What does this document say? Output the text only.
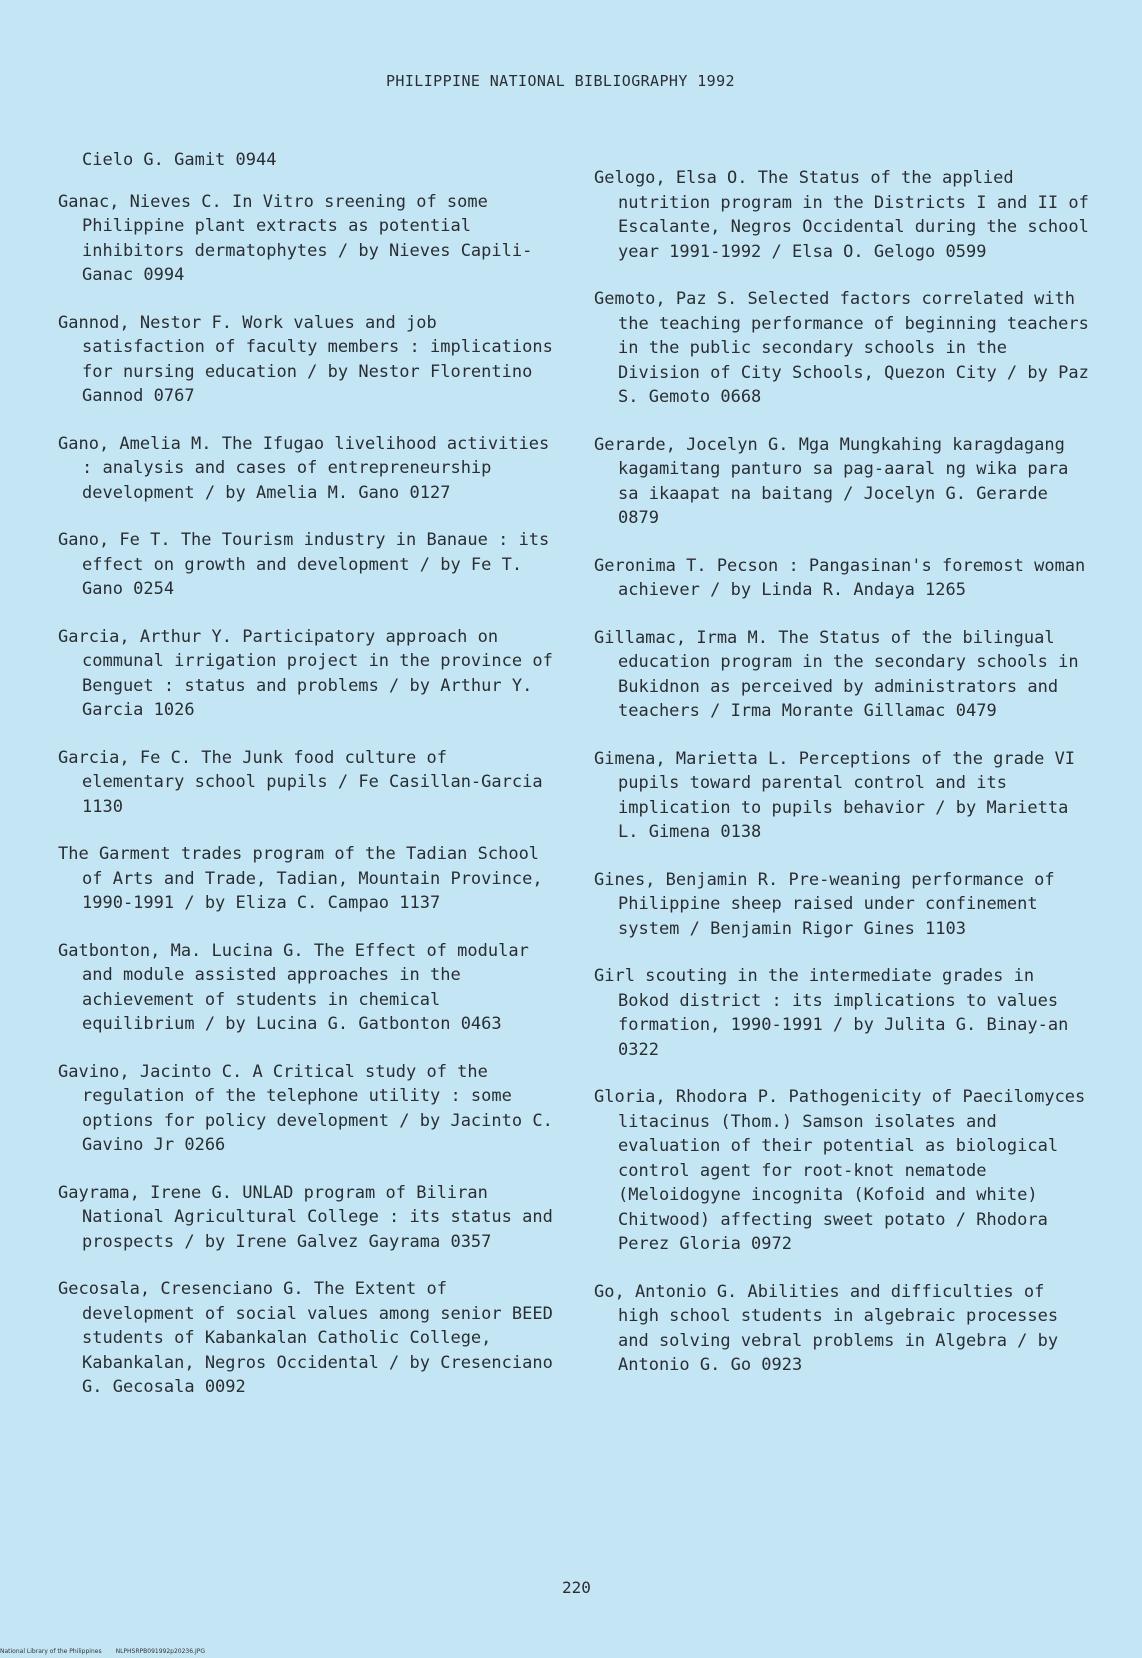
PHILIPPINE NATIONAL BIBLIOGRAPHY 1992
Cielo G. Gamit 0944
Ganac, Nieves C. In Vitro sreening of some Philippine plant extracts as potential inhibitors dermatophytes / by Nieves Capili-Ganac 0994
Gannod, Nestor F. Work values and job satisfaction of faculty members : implications for nursing education / by Nestor Florentino Gannod 0767
Gano, Amelia M. The Ifugao livelihood activities : analysis and cases of entrepreneurship development / by Amelia M. Gano 0127
Gano, Fe T. The Tourism industry in Banaue : its effect on growth and development / by Fe T. Gano 0254
Garcia, Arthur Y. Participatory approach on communal irrigation project in the province of Benguet : status and problems / by Arthur Y. Garcia 1026
Garcia, Fe C. The Junk food culture of elementary school pupils / Fe Casillan-Garcia 1130
The Garment trades program of the Tadian School of Arts and Trade, Tadian, Mountain Province, 1990-1991 / by Eliza C. Campao 1137
Gatbonton, Ma. Lucina G. The Effect of modular and module assisted approaches in the achievement of students in chemical equilibrium / by Lucina G. Gatbonton 0463
Gavino, Jacinto C. A Critical study of the regulation of the telephone utility : some options for policy development / by Jacinto C. Gavino Jr 0266
Gayrama, Irene G. UNLAD program of Biliran National Agricultural College : its status and prospects / by Irene Galvez Gayrama 0357
Gecosala, Cresenciano G. The Extent of development of social values among senior BEED students of Kabankalan Catholic College, Kabankalan, Negros Occidental / by Cresenciano G. Gecosala 0092
Gelogo, Elsa O. The Status of the applied nutrition program in the Districts I and II of Escalante, Negros Occidental during the school year 1991-1992 / Elsa O. Gelogo 0599
Gemoto, Paz S. Selected factors correlated with the teaching performance of beginning teachers in the public secondary schools in the Division of City Schools, Quezon City / by Paz S. Gemoto 0668
Gerarde, Jocelyn G. Mga Mungkahing karagdagang kagamitang panturo sa pag-aaral ng wika para sa ikaapat na baitang / Jocelyn G. Gerarde 0879
Geronima T. Pecson : Pangasinan's foremost woman achiever / by Linda R. Andaya 1265
Gillamac, Irma M. The Status of the bilingual education program in the secondary schools in Bukidnon as perceived by administrators and teachers / Irma Morante Gillamac 0479
Gimena, Marietta L. Perceptions of the grade VI pupils toward parental control and its implication to pupils behavior / by Marietta L. Gimena 0138
Gines, Benjamin R. Pre-weaning performance of Philippine sheep raised under confinement system / Benjamin Rigor Gines 1103
Girl scouting in the intermediate grades in Bokod district : its implications to values formation, 1990-1991 / by Julita G. Binay-an 0322
Gloria, Rhodora P. Pathogenicity of Paecilomyces litacinus (Thom.) Samson isolates and evaluation of their potential as biological control agent for root-knot nematode (Meloidogyne incognita (Kofoid and white) Chitwood) affecting sweet potato / Rhodora Perez Gloria 0972
Go, Antonio G. Abilities and difficulties of high school students in algebraic processes and solving vebral problems in Algebra / by Antonio G. Go 0923
220
National Library of the Philippines NLPHSRPB091992p20236.JPG
